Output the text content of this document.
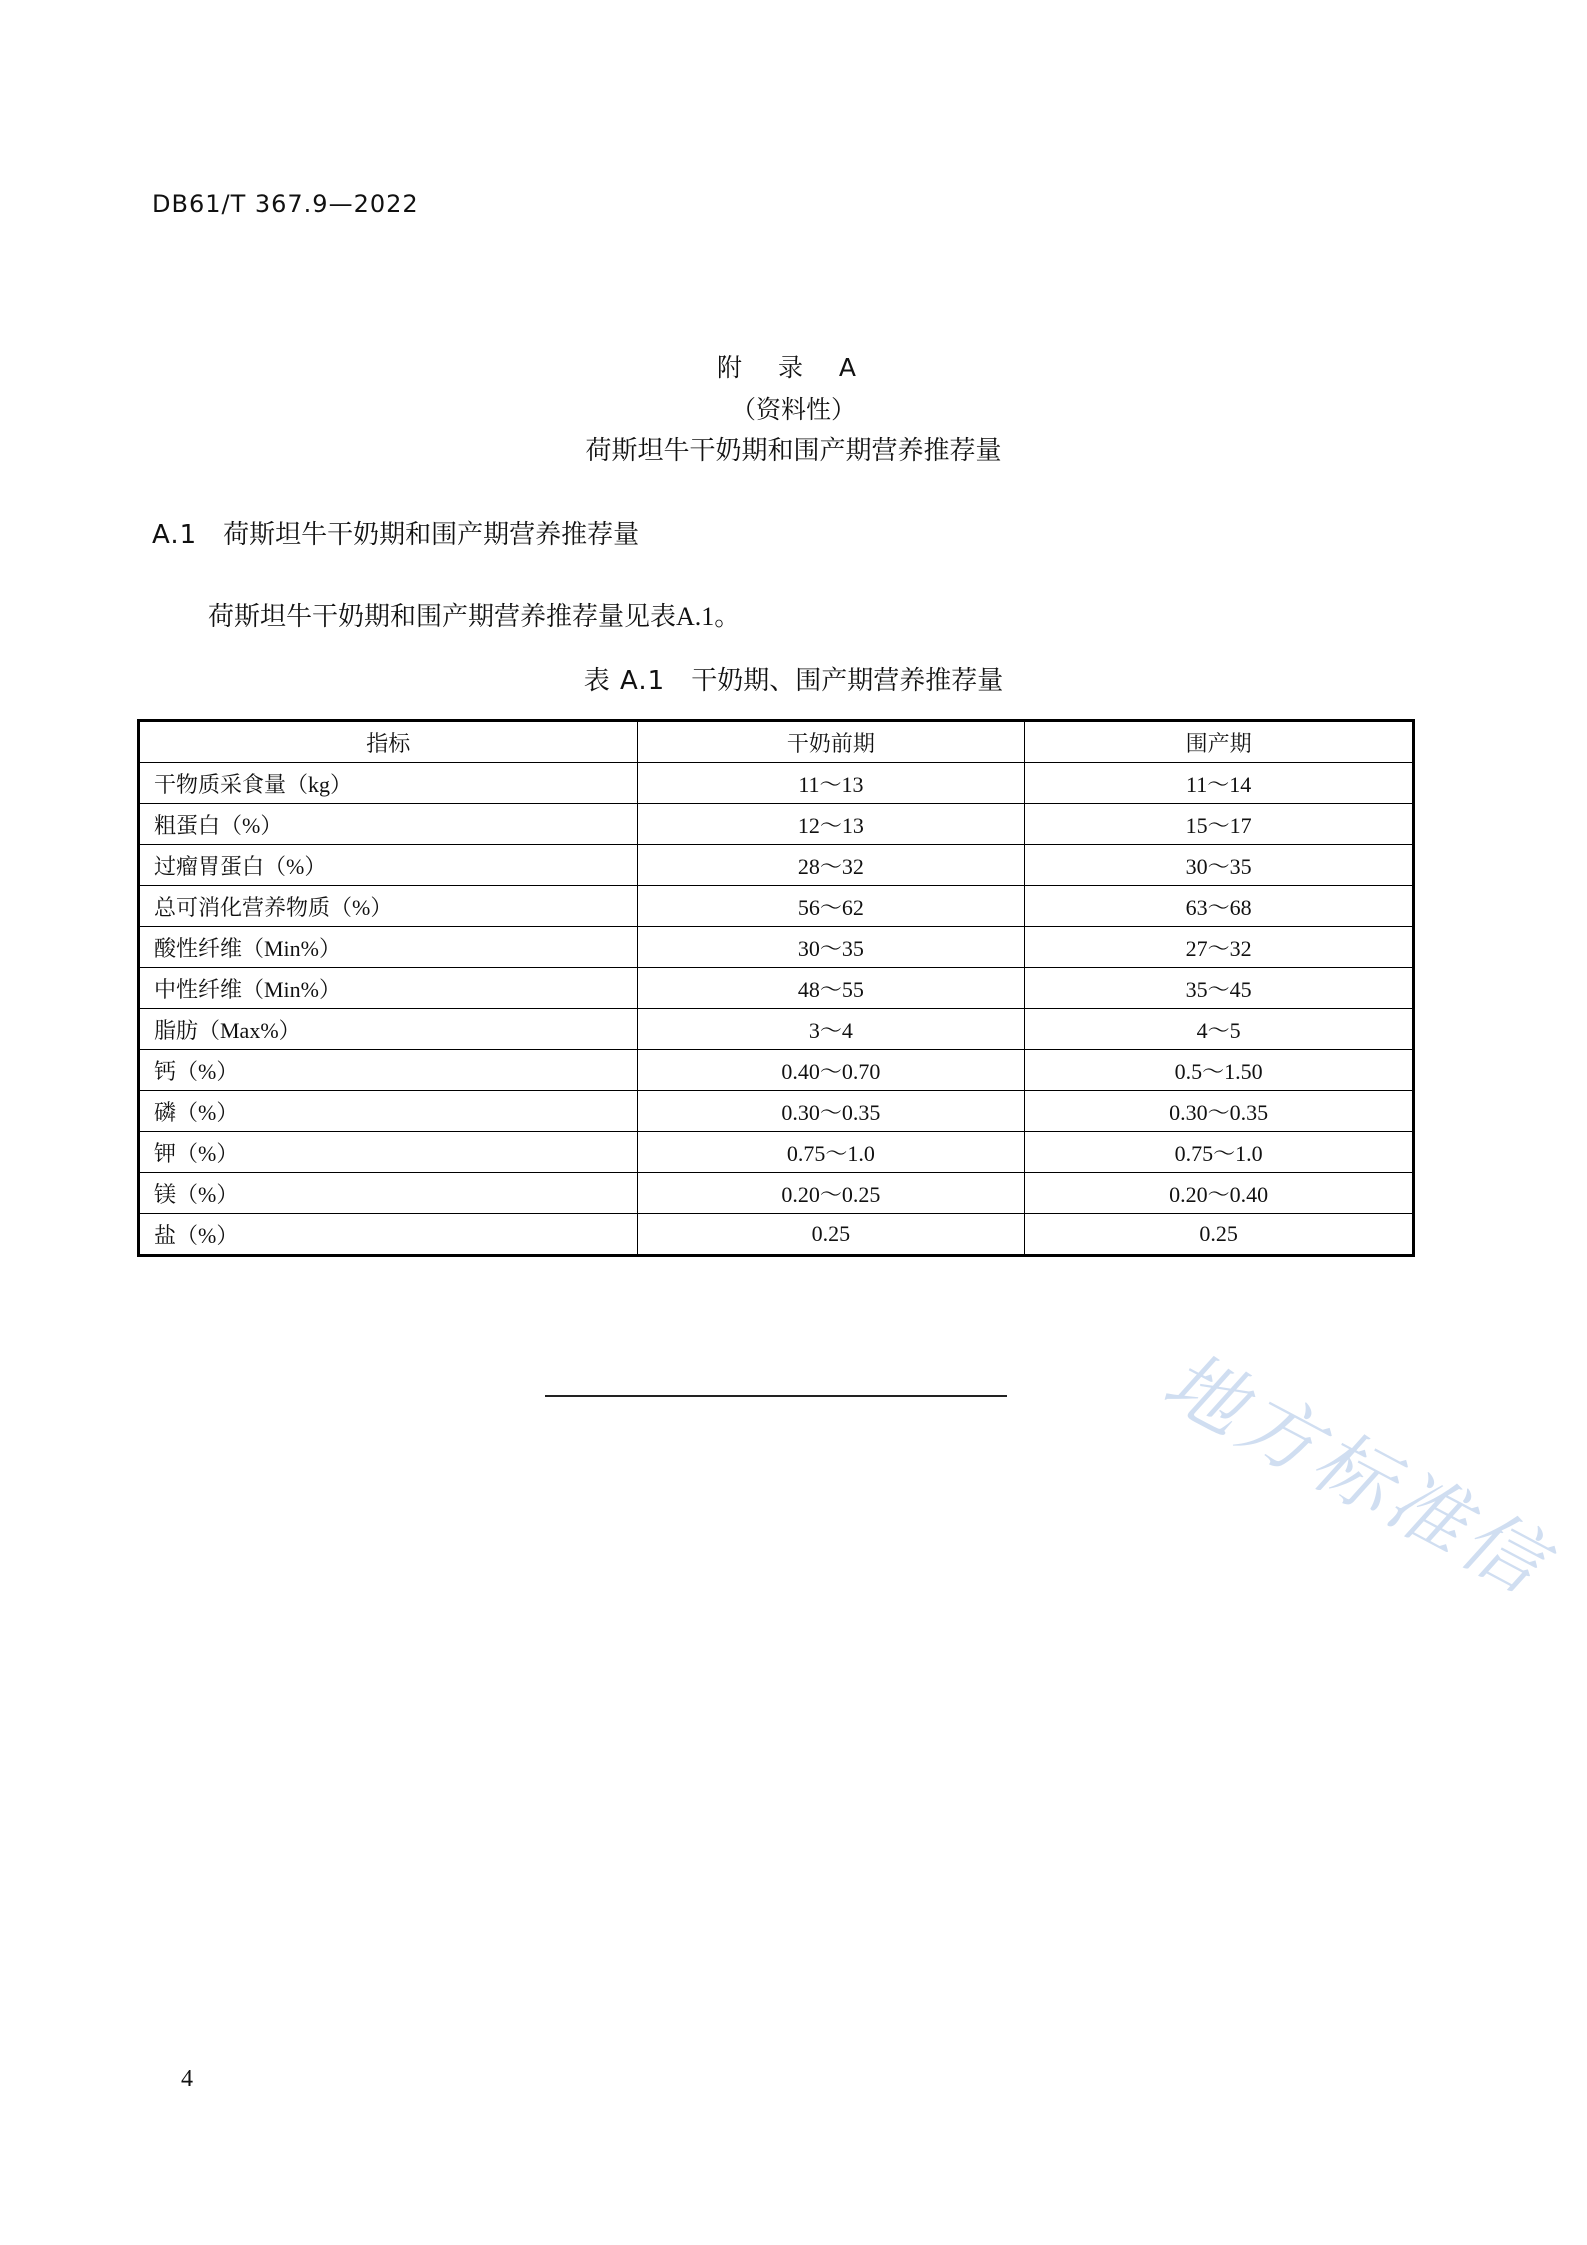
DB61/T 367.9—2022
附 录 A
（资料性）
荷斯坦牛干奶期和围产期营养推荐量
A.1 荷斯坦牛干奶期和围产期营养推荐量
荷斯坦牛干奶期和围产期营养推荐量见表A.1。
表 A.1 干奶期、围产期营养推荐量
指标	干奶前期	围产期
干物质采食量（kg）	11～13	11～14
粗蛋白（%）	12～13	15～17
过瘤胃蛋白（%）	28～32	30～35
总可消化营养物质（%）	56～62	63～68
酸性纤维（Min%）	30～35	27～32
中性纤维（Min%）	48～55	35～45
脂肪（Max%）	3～4	4～5
钙（%）	0.40～0.70	0.5～1.50
磷（%）	0.30～0.35	0.30～0.35
钾（%）	0.75～1.0	0.75～1.0
镁（%）	0.20～0.25	0.20～0.40
盐（%）	0.25	0.25
地方标准信
4
